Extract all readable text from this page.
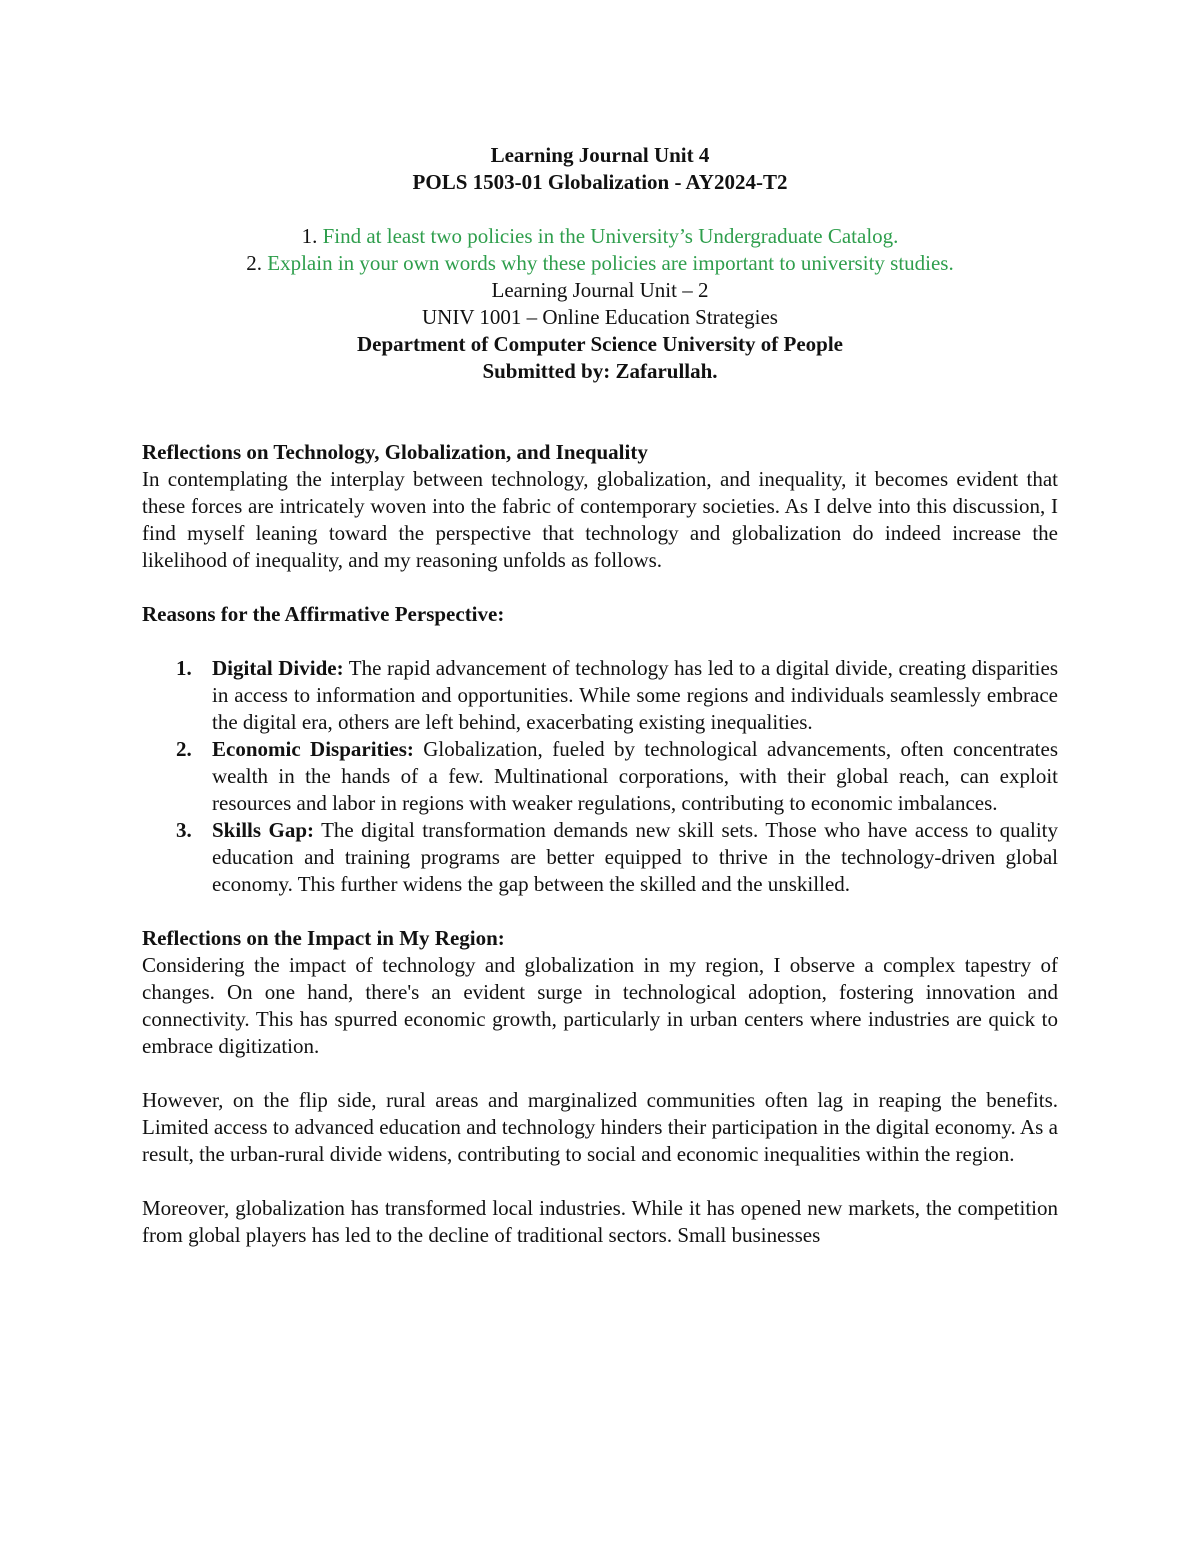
Learning Journal Unit 4
POLS 1503-01 Globalization - AY2024-T2
1. Find at least two policies in the University’s Undergraduate Catalog.
2. Explain in your own words why these policies are important to university studies.
Learning Journal Unit – 2
UNIV 1001 – Online Education Strategies
Department of Computer Science University of People
Submitted by: Zafarullah.
Reflections on Technology, Globalization, and Inequality

In contemplating the interplay between technology, globalization, and inequality, it becomes evident that these forces are intricately woven into the fabric of contemporary societies. As I delve into this discussion, I find myself leaning toward the perspective that technology and globalization do indeed increase the likelihood of inequality, and my reasoning unfolds as follows.

Reasons for the Affirmative Perspective:
1. Digital Divide: The rapid advancement of technology has led to a digital divide, creating disparities in access to information and opportunities. While some regions and individuals seamlessly embrace the digital era, others are left behind, exacerbating existing inequalities.
2. Economic Disparities: Globalization, fueled by technological advancements, often concentrates wealth in the hands of a few. Multinational corporations, with their global reach, can exploit resources and labor in regions with weaker regulations, contributing to economic imbalances.
3. Skills Gap: The digital transformation demands new skill sets. Those who have access to quality education and training programs are better equipped to thrive in the technology-driven global economy. This further widens the gap between the skilled and the unskilled.
Reflections on the Impact in My Region:

Considering the impact of technology and globalization in my region, I observe a complex tapestry of changes. On one hand, there's an evident surge in technological adoption, fostering innovation and connectivity. This has spurred economic growth, particularly in urban centers where industries are quick to embrace digitization.

However, on the flip side, rural areas and marginalized communities often lag in reaping the benefits. Limited access to advanced education and technology hinders their participation in the digital economy. As a result, the urban-rural divide widens, contributing to social and economic inequalities within the region.

Moreover, globalization has transformed local industries. While it has opened new markets, the competition from global players has led to the decline of traditional sectors. Small businesses
